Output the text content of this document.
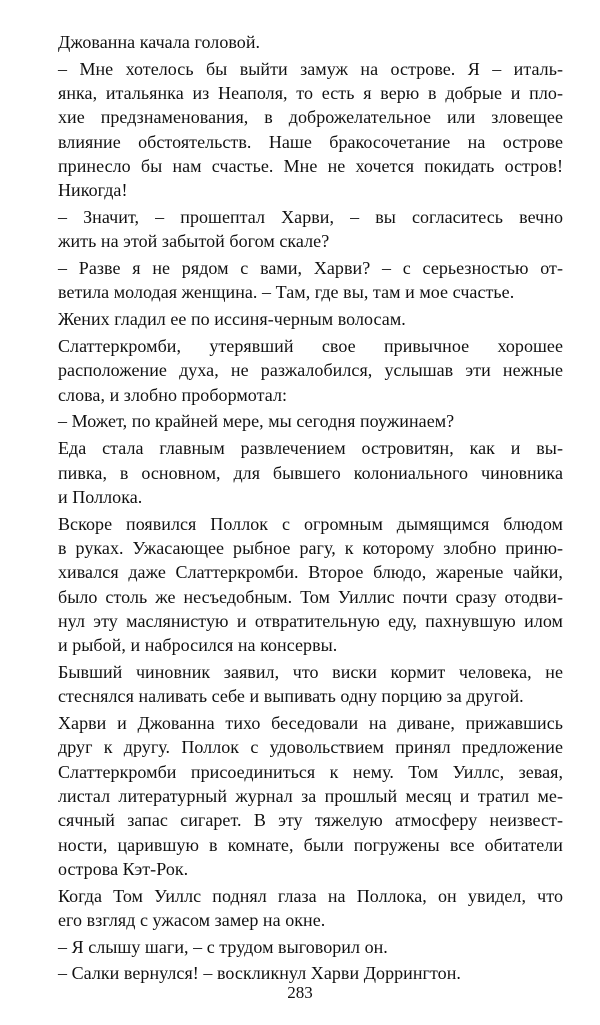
Джованна качала головой.
– Мне хотелось бы выйти замуж на острове. Я – италь-
янка, итальянка из Неаполя, то есть я верю в добрые и пло-
хие предзнаменования, в доброжелательное или зловещее
влияние обстоятельств. Наше бракосочетание на острове
принесло бы нам счастье. Мне не хочется покидать остров!
Никогда!
– Значит, – прошептал Харви, – вы согласитесь вечно
жить на этой забытой богом скале?
– Разве я не рядом с вами, Харви? – с серьезностью от-
ветила молодая женщина. – Там, где вы, там и мое счастье.
Жених гладил ее по иссиня-черным волосам.
Слаттеркромби, утерявший свое привычное хорошее
расположение духа, не разжалобился, услышав эти нежные
слова, и злобно пробормотал:
– Может, по крайней мере, мы сегодня поужинаем?
Еда стала главным развлечением островитян, как и вы-
пивка, в основном, для бывшего колониального чиновника
и Поллока.
Вскоре появился Поллок с огромным дымящимся блюдом
в руках. Ужасающее рыбное рагу, к которому злобно приню-
хивался даже Слаттеркромби. Второе блюдо, жареные чайки,
было столь же несъедобным. Том Уиллис почти сразу отодви-
нул эту маслянистую и отвратительную еду, пахнувшую илом
и рыбой, и набросился на консервы.
Бывший чиновник заявил, что виски кормит человека, не
стеснялся наливать себе и выпивать одну порцию за другой.
Харви и Джованна тихо беседовали на диване, прижавшись
друг к другу. Поллок с удовольствием принял предложение
Слаттеркромби присоединиться к нему. Том Уиллс, зевая,
листал литературный журнал за прошлый месяц и тратил ме-
сячный запас сигарет. В эту тяжелую атмосферу неизвест-
ности, царившую в комнате, были погружены все обитатели
острова Кэт-Рок.
Когда Том Уиллс поднял глаза на Поллока, он увидел, что
его взгляд с ужасом замер на окне.
– Я слышу шаги, – с трудом выговорил он.
– Салки вернулся! – воскликнул Харви Доррингтон.
283
